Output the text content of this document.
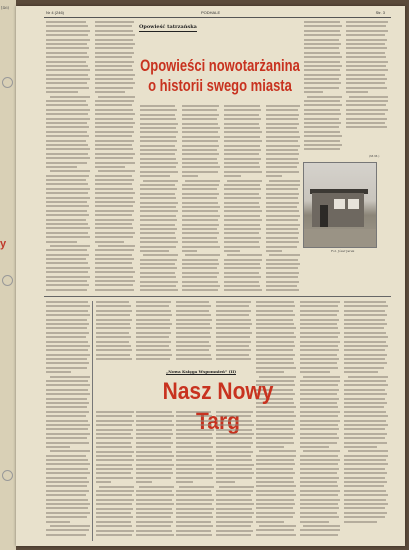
[46)
y
Nr 4 (246)	PODHALE	Str. 3
Opowieść tatrzańska
Opowieści nowotarżanina
o historii swego miasta
(M.M.)
Fot. Józef Jarek
„Nowa Księga Wspomnień” (II)
Nasz Nowy
